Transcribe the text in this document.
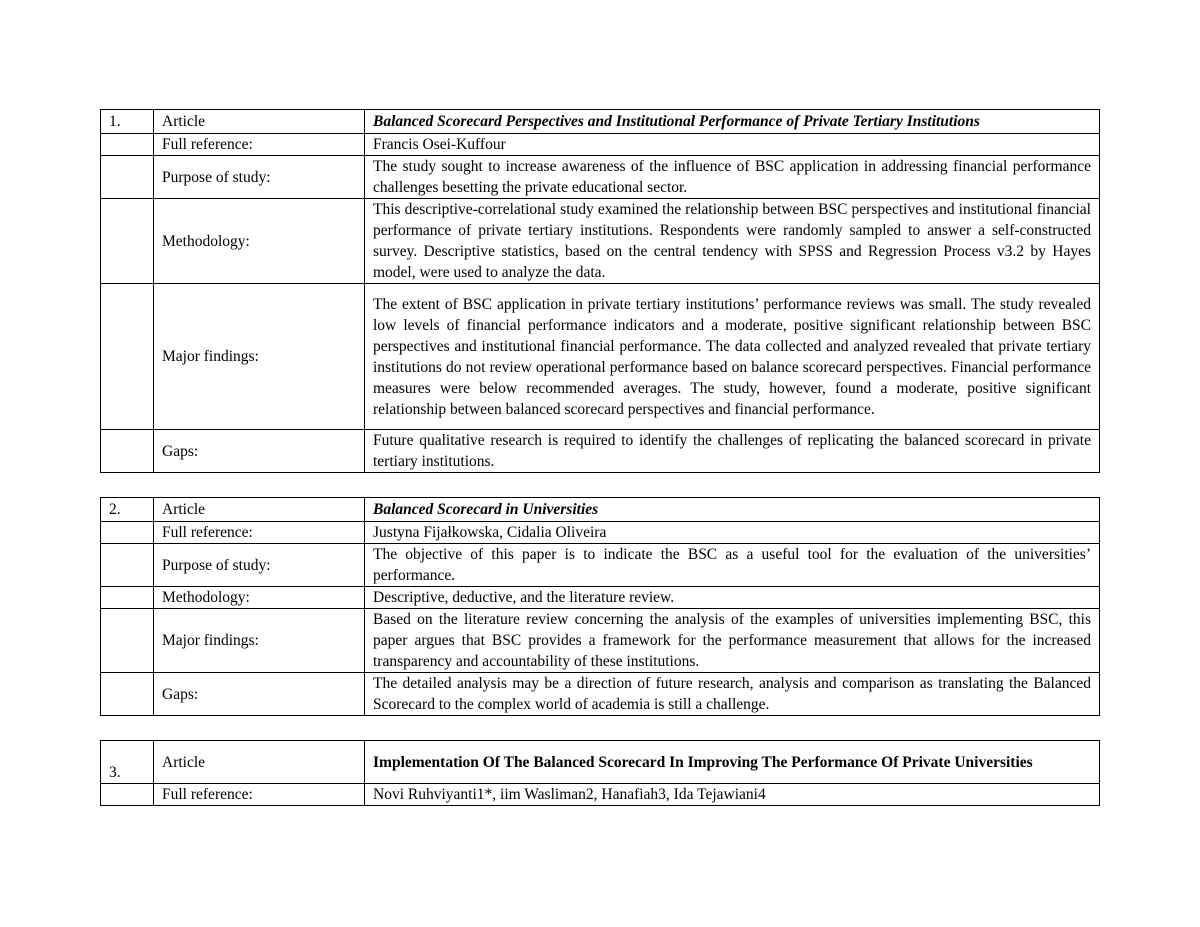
1.	Article	Balanced Scorecard Perspectives and Institutional Performance of Private Tertiary Institutions
	Full reference:	Francis Osei-Kuffour
	Purpose of study:	The study sought to increase awareness of the influence of BSC application in addressing financial performance challenges besetting the private educational sector.
	Methodology:	This descriptive-correlational study examined the relationship between BSC perspectives and institutional financial performance of private tertiary institutions. Respondents were randomly sampled to answer a self-constructed survey. Descriptive statistics, based on the central tendency with SPSS and Regression Process v3.2 by Hayes model, were used to analyze the data.
	Major findings:	The extent of BSC application in private tertiary institutions’ performance reviews was small. The study revealed low levels of financial performance indicators and a moderate, positive significant relationship between BSC perspectives and institutional financial performance. The data collected and analyzed revealed that private tertiary institutions do not review operational performance based on balance scorecard perspectives. Financial performance measures were below recommended averages. The study, however, found a moderate, positive significant relationship between balanced scorecard perspectives and financial performance.
	Gaps:	Future qualitative research is required to identify the challenges of replicating the balanced scorecard in private tertiary institutions.
2.	Article	Balanced Scorecard in Universities
	Full reference:	Justyna Fijałkowska, Cidalia Oliveira
	Purpose of study:	The objective of this paper is to indicate the BSC as a useful tool for the evaluation of the universities’ performance.
	Methodology:	Descriptive, deductive, and the literature review.
	Major findings:	Based on the literature review concerning the analysis of the examples of universities implementing BSC, this paper argues that BSC provides a framework for the performance measurement that allows for the increased transparency and accountability of these institutions.
	Gaps:	The detailed analysis may be a direction of future research, analysis and comparison as translating the Balanced Scorecard to the complex world of academia is still a challenge.
3.	Article	Implementation Of The Balanced Scorecard In Improving The Performance Of Private Universities
	Full reference:	Novi Ruhviyanti1*, iim Wasliman2, Hanafiah3, Ida Tejawiani4
